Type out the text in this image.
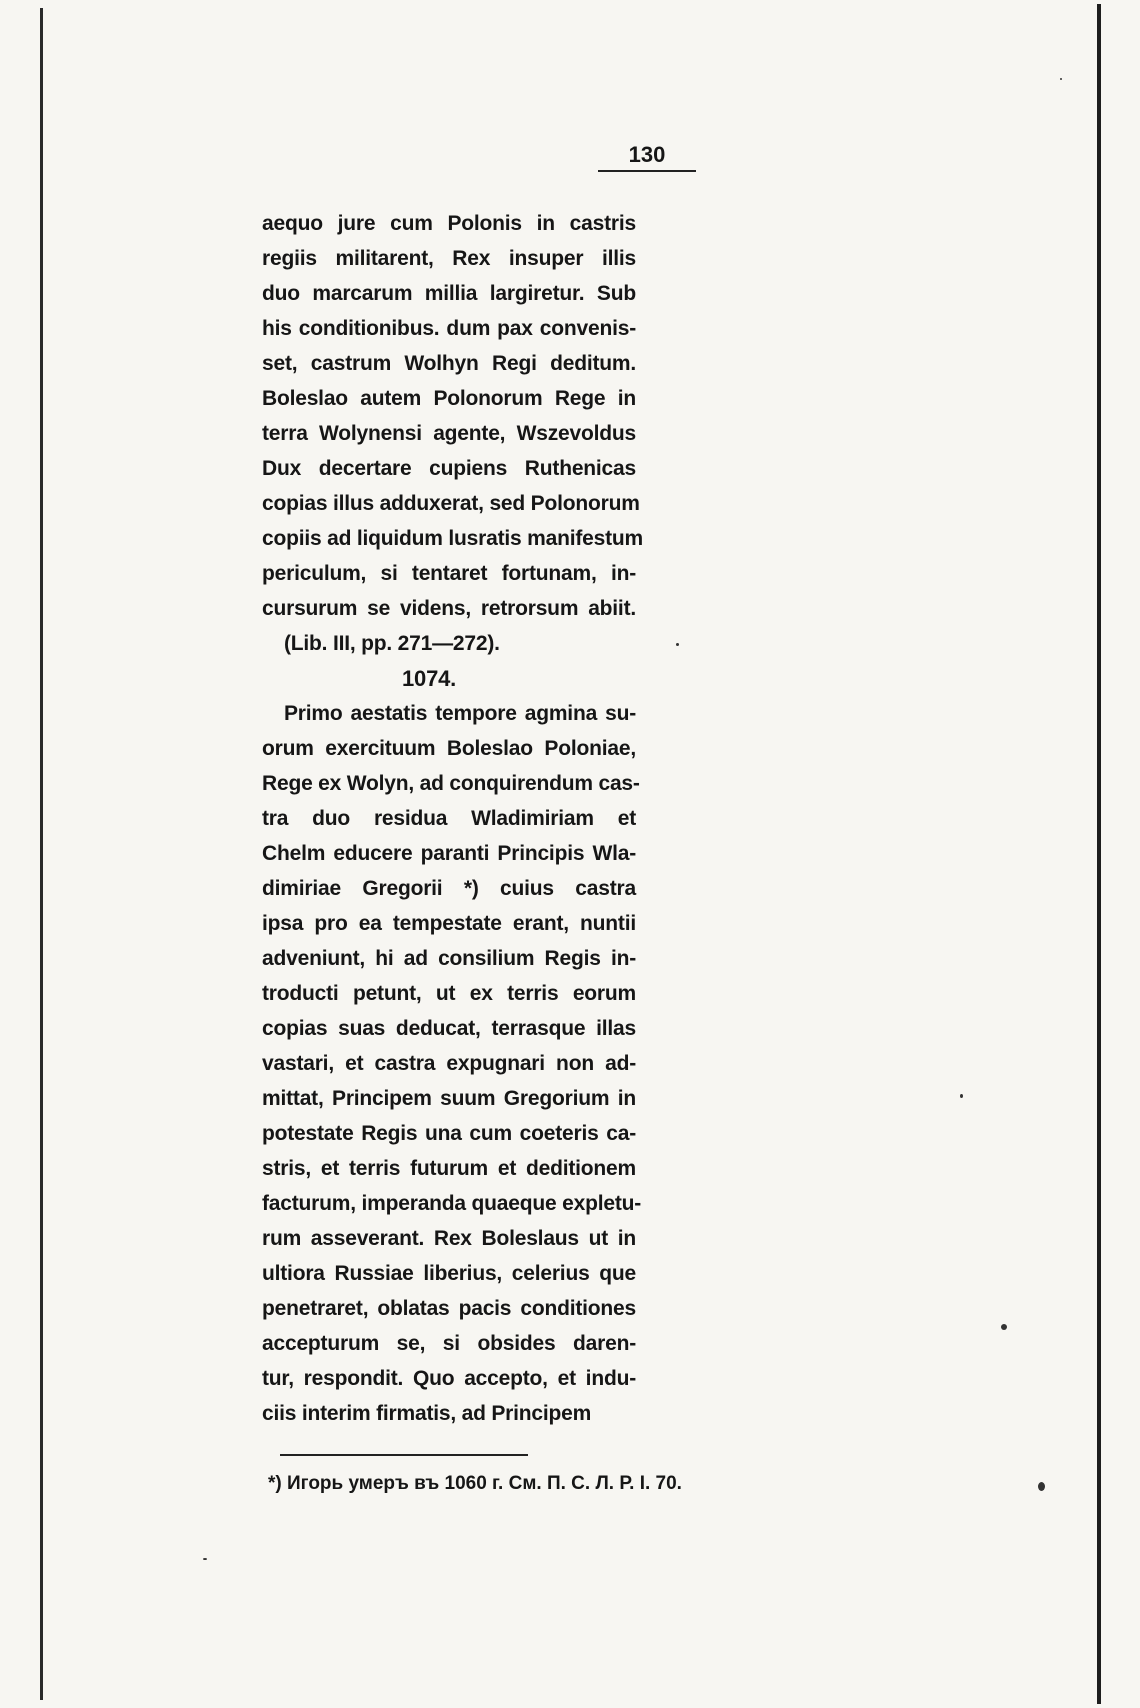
130
aequo jure cum Polonis in castris
regiis militarent, Rex insuper illis
duo marcarum millia largiretur. Sub
his conditionibus. dum pax convenis-
set, castrum Wolhyn Regi deditum.
Boleslao autem Polonorum Rege in
terra Wolynensi agente, Wszevoldus
Dux decertare cupiens Ruthenicas
copias illus adduxerat, sed Polonorum
copiis ad liquidum lusratis manifestum
periculum, si tentaret fortunam, in-
cursurum se videns, retrorsum abiit.
(Lib. III, pp. 271—272).
1074.
Primo aestatis tempore agmina su-
orum exercituum Boleslao Poloniae,
Rege ex Wolyn, ad conquirendum cas-
tra duo residua Wladimiriam et
Chelm educere paranti Principis Wla-
dimiriae Gregorii *) cuius castra
ipsa pro ea tempestate erant, nuntii
adveniunt, hi ad consilium Regis in-
troducti petunt, ut ex terris eorum
copias suas deducat, terrasque illas
vastari, et castra expugnari non ad-
mittat, Principem suum Gregorium in
potestate Regis una cum coeteris ca-
stris, et terris futurum et deditionem
facturum, imperanda quaeque expletu-
rum asseverant. Rex Boleslaus ut in
ultiora Russiae liberius, celerius que
penetraret, oblatas pacis conditiones
accepturum se, si obsides daren-
tur, respondit. Quo accepto, et indu-
ciis interim firmatis, ad Principem
*) Игорь умеръ въ 1060 г. См. П. С. Л. Р. I. 70.
